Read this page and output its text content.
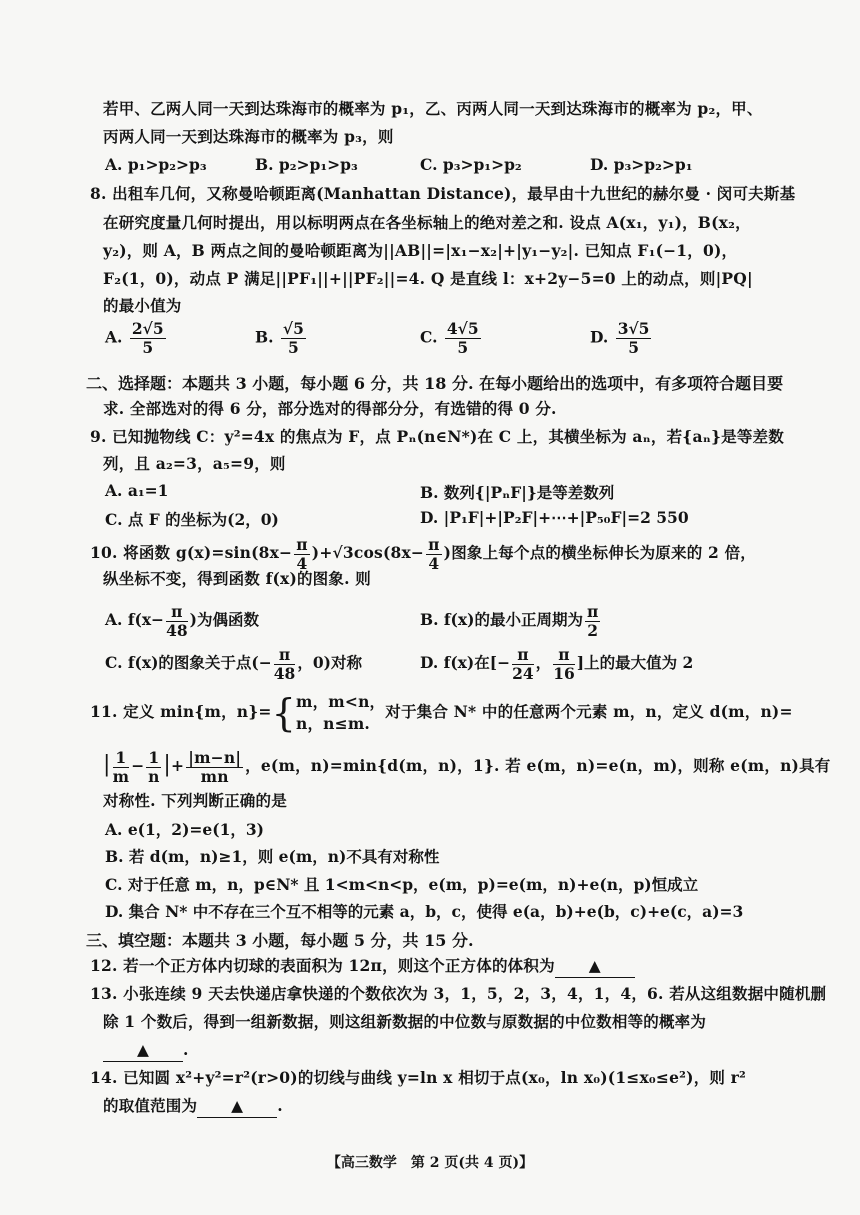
若甲、乙两人同一天到达珠海市的概率为 p₁，乙、丙两人同一天到达珠海市的概率为 p₂，甲、
丙两人同一天到达珠海市的概率为 p₃，则
A. p₁>p₂>p₃	B. p₂>p₁>p₃	C. p₃>p₁>p₂	D. p₃>p₂>p₁
8. 出租车几何，又称曼哈顿距离(Manhattan Distance)，最早由十九世纪的赫尔曼 · 闵可夫斯基
在研究度量几何时提出，用以标明两点在各坐标轴上的绝对差之和. 设点 A(x₁，y₁)，B(x₂，
y₂)，则 A，B 两点之间的曼哈顿距离为||AB||=|x₁−x₂|+|y₁−y₂|. 已知点 F₁(−1，0)，
F₂(1，0)，动点 P 满足||PF₁||+||PF₂||=4. Q 是直线 l：x+2y−5=0 上的动点，则|PQ|
的最小值为
A. $\frac{2√5}{5}$	B. $\frac{√5}{5}$	C. $\frac{4√5}{5}$	D. $\frac{3√5}{5}$
二、选择题：本题共 3 小题，每小题 6 分，共 18 分. 在每小题给出的选项中，有多项符合题目要
求. 全部选对的得 6 分，部分选对的得部分分，有选错的得 0 分.
9. 已知抛物线 C：y²=4x 的焦点为 F，点 Pₙ(n∈N*)在 C 上，其横坐标为 aₙ，若{aₙ}是等差数
列，且 a₂=3，a₅=9，则
A. a₁=1	B. 数列{|PₙF|}是等差数列
C. 点 F 的坐标为(2，0)	D. |P₁F|+|P₂F|+⋯+|P₅₀F|=2 550
10. 将函数 $g(x)=\sin(8x- \frac{\pi}{4} )+√3\cos(8x- \frac{\pi}{4}$ )图象上每个点的横坐标伸长为原来的 2 倍，
纵坐标不变，得到函数 f(x)的图象. 则
A. $f(x- \frac{\pi}{48}$ )为偶函数	B. f(x)的最小正周期为 $\frac{\pi}{2}$
C. f(x)的图象关于点(− $\frac{\pi}{48}$ ，0)对称	D. f(x)在[− $\frac{\pi}{24}$ ， $\frac{\pi}{16}$ ]上的最大值为 2
11. 定义 min{m，n}={ m，m<n，
n，n≤m.
对于集合 N* 中的任意两个元素 m，n，定义 d(m，n)=
| $\frac{1}{m} - \frac{1}{n}$ |+ $\frac{|m-n|}{mn}$ ，e(m，n)=min{d(m，n)，1}. 若 e(m，n)=e(n，m)，则称 e(m，n)具有
对称性. 下列判断正确的是
A. e(1，2)=e(1，3)
B. 若 d(m，n)≥1，则 e(m，n)不具有对称性
C. 对于任意 m，n，p∈N* 且 1<m<n<p，e(m，p)=e(m，n)+e(n，p)恒成立
D. 集合 N* 中不存在三个互不相等的元素 a，b，c，使得 e(a，b)+e(b，c)+e(c，a)=3
三、填空题：本题共 3 小题，每小题 5 分，共 15 分.
12. 若一个正方体内切球的表面积为 12π，则这个正方体的体积为 ▲
13. 小张连续 9 天去快递店拿快递的个数依次为 3，1，5，2，3，4，1，4，6. 若从这组数据中随机删
除 1 个数后，得到一组新数据，则这组新数据的中位数与原数据的中位数相等的概率为
▲ .
14. 已知圆 x²+y²=r²(r>0)的切线与曲线 y=ln x 相切于点(x₀，ln x₀)(1≤x₀≤e²)，则 r²
的取值范围为 ▲ .
【高三数学　第 2 页(共 4 页)】
